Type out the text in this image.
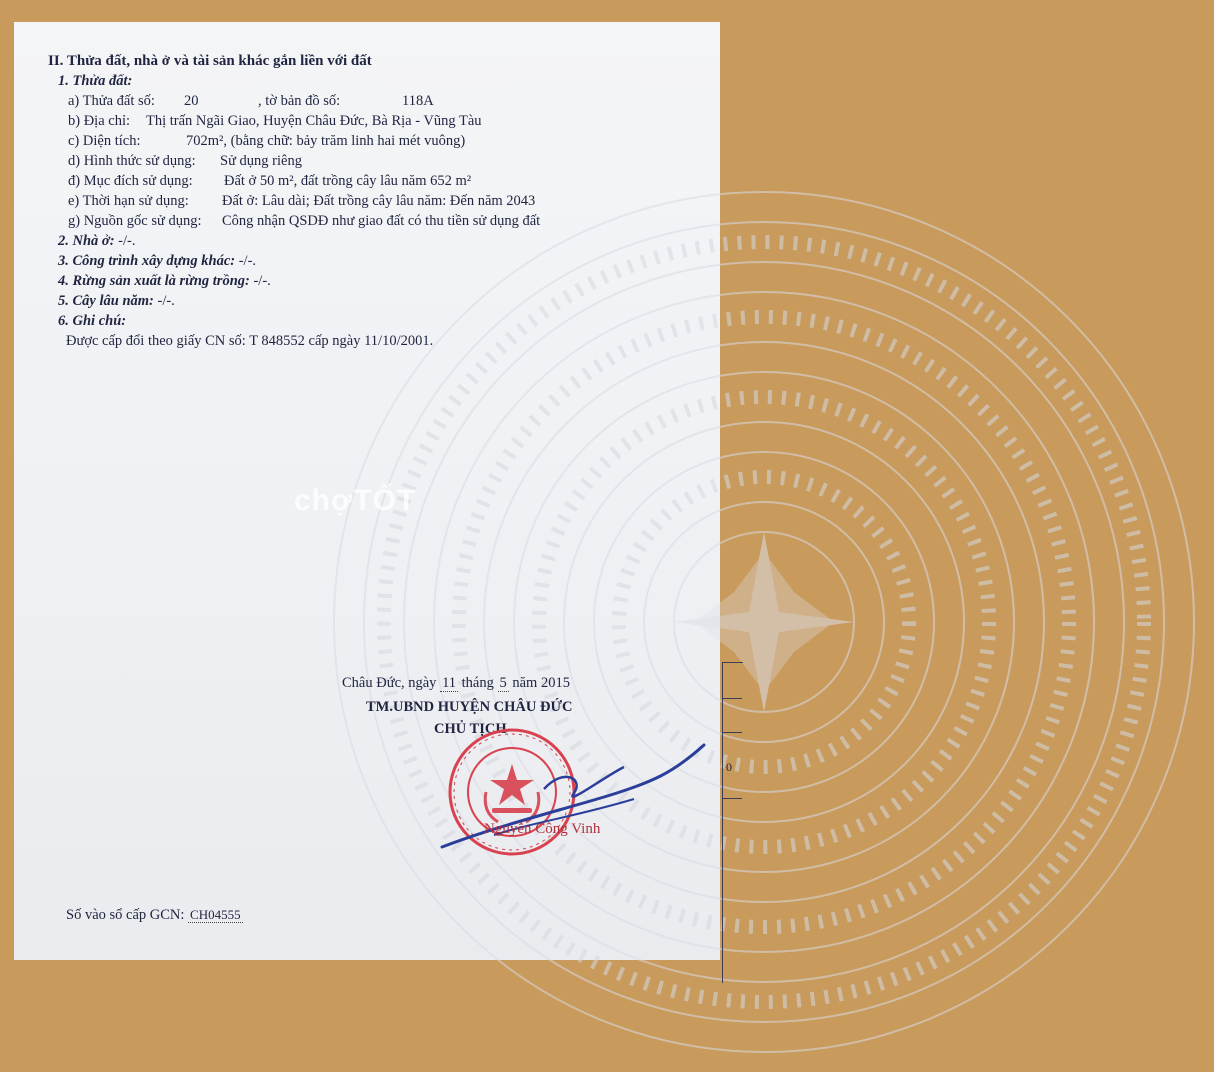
chợTỐT
II. Thửa đất, nhà ở và tài sản khác gắn liền với đất
1. Thửa đất:
a) Thửa đất số: 20	, tờ bản đồ số:	118A
b) Địa chỉ: Thị trấn Ngãi Giao, Huyện Châu Đức, Bà Rịa - Vũng Tàu
c) Diện tích:	702m², (bằng chữ: bảy trăm linh hai mét vuông)
d) Hình thức sử dụng: Sử dụng riêng
đ) Mục đích sử dụng: Đất ở 50 m², đất trồng cây lâu năm 652 m²
e) Thời hạn sử dụng: Đất ở: Lâu dài; Đất trồng cây lâu năm: Đến năm 2043
g) Nguồn gốc sử dụng: Công nhận QSDĐ như giao đất có thu tiền sử dụng đất
2. Nhà ở: -/-.
3. Công trình xây dựng khác: -/-.
4. Rừng sản xuất là rừng trồng: -/-.
5. Cây lâu năm: -/-.
6. Ghi chú:
Được cấp đổi theo giấy CN số: T 848552 cấp ngày 11/10/2001.
Châu Đức, ngày 11 tháng 5 năm 2015
TM.UBND HUYỆN CHÂU ĐỨC
CHỦ TỊCH
Nguyễn Công Vinh
Số vào sổ cấp GCN: CH04555
0
